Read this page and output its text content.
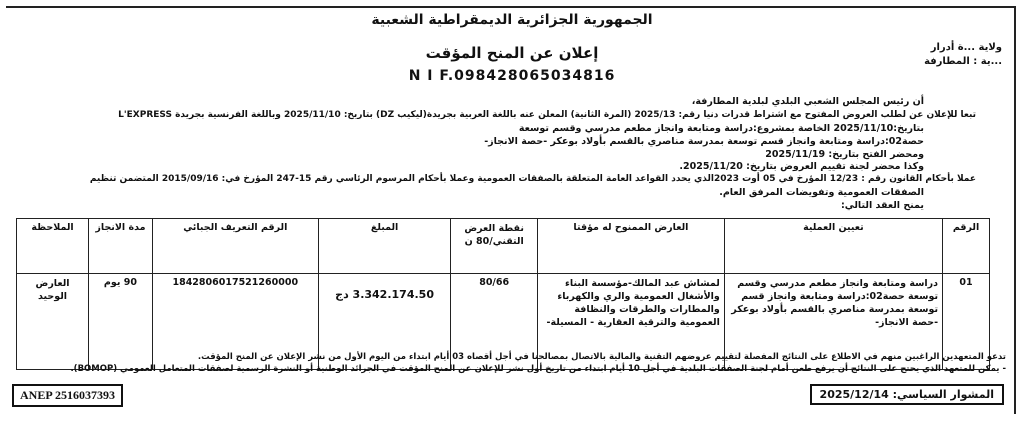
الجمهورية الجزائرية الديمقراطية الشعبية
ولاية ...ة أدرار
...ية : المطارفة
إعلان عن المنح المؤقت
N I F.098428065034816
أن رئيس المجلس الشعبي البلدي لبلدية المطارفة،
تبعا للإعلان عن لطلب العروض المفتوح مع اشتراط قدرات دنيا رقم: 2025/13 (المرة الثانية) المعلن عنه باللغة العربية بجريدة(ليكيب DZ) بتاريخ: 2025/11/10 وباللغة الفرنسية بجريدة L'EXPRESS
بتاريخ:2025/11/10 الخاصة بمشروع:دراسة ومتابعة وانجاز مطعم مدرسي وقسم توسعة
حصة02:دراسة ومتابعة وانجاز قسم توسعة بمدرسة مناصري بالقسم بأولاد بوعكر -حصة الانجاز-
ومحضر الفتح بتاريخ: 2025/11/19
وكذا محضر لجنة تقييم العروض بتاريخ: 2025/11/20.
عملا بأحكام القانون رقم : 12/23 المؤرخ في 05 أوت 2023الذي يحدد القواعد العامة المتعلقة بالصفقات العمومية وعملا بأحكام المرسوم الرئاسي رقم 15-247 المؤرخ في: 2015/09/16 المتضمن تنظيم
الصفقات العمومية وتفويضات المرفق العام.
يمنح العقد التالي:
الرقم	تعيين العملية	العارض الممنوح له مؤقتا	نقطة العرض التقني/80 ن	المبلغ	الرقم التعريف الجبائي	مدة الانجاز	الملاحظة
01	دراسة ومتابعة وانجاز مطعم مدرسي وقسم توسعة حصة02:دراسة ومتابعة وانجاز قسم توسعة بمدرسة مناصري بالقسم بأولاد بوعكر -حصة الانجاز-	لمشاش عبد المالك-مؤسسة البناء والأشغال العمومية والري والكهرباء والمطارات والطرقات والنظافة العمومية والترقية العقارية - المسيلة-	80/66	3.342.174.50 دج	1842806017521260000	90 يوم	العارض الوحيد
تدعو المتعهدين الراغبين منهم في الاطلاع على النتائج المفصلة لتقييم عروضهم التقنية والمالية بالاتصال بمصالحنا في أجل أقصاه 03 أيام ابتداء من اليوم الأول من نشر الإعلان عن المنح المؤقت.
- يمكن للمتعهد الذي يحتج على النتائج أن يرفع طعن أمام لجنة الصفقات البلدية في أجل 10 أيام ابتداء من تاريخ أول نشر للإعلان عن المنح المؤقت في الجرائد الوطنية أو النشرة الرسمية لصفقات المتعامل العمومي (BOMOP).
ANEP 2516037393	المشوار السياسي: 2025/12/14
